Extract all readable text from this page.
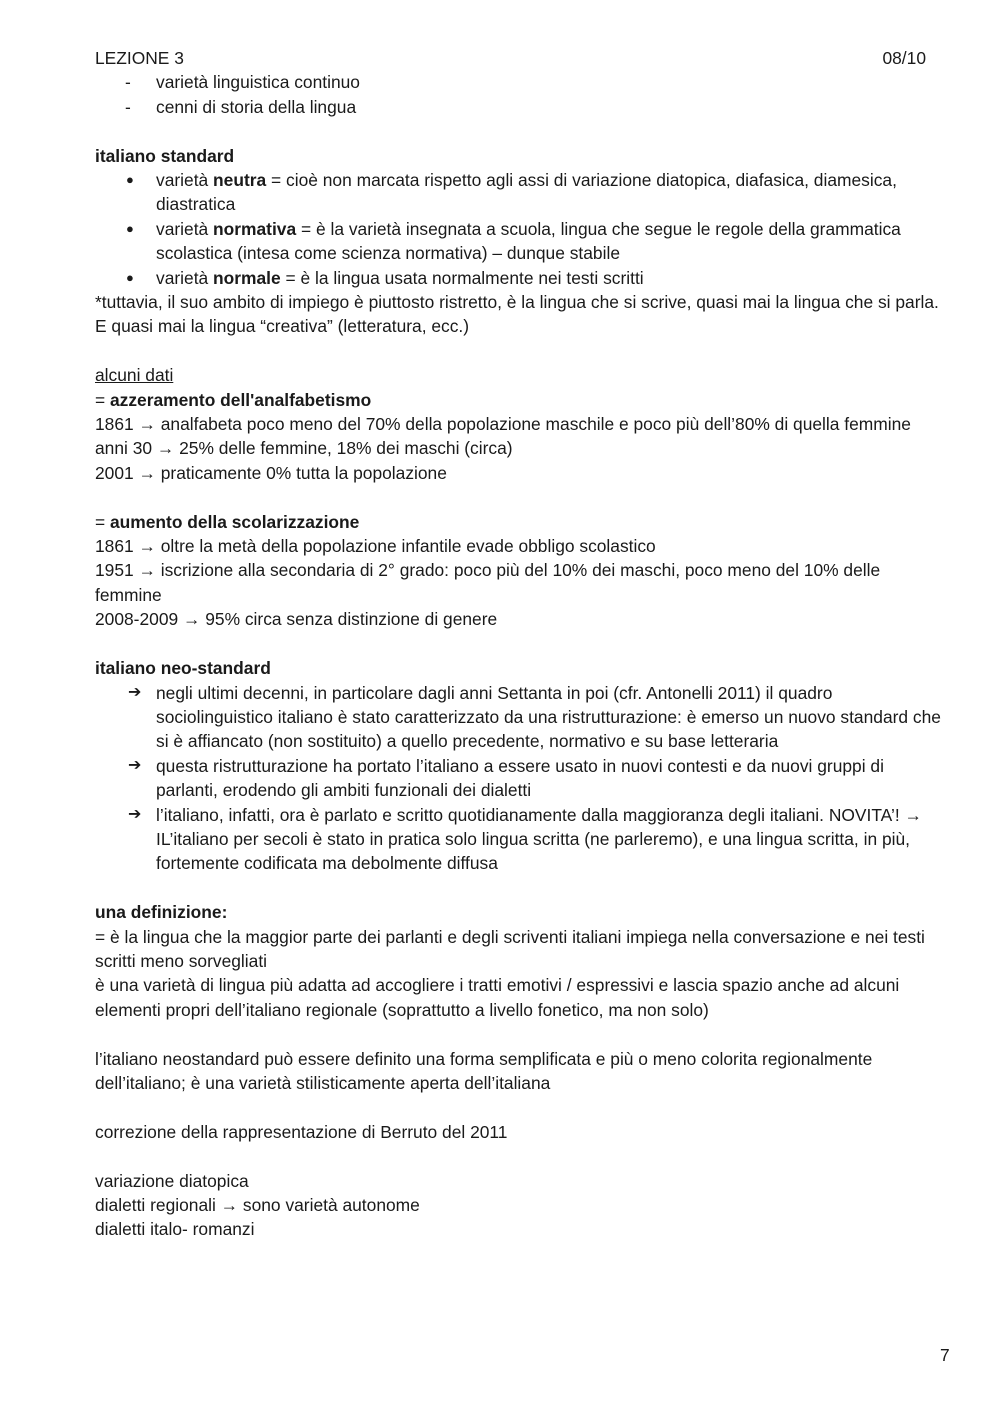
LEZIONE 3	08/10
-	varietà linguistica continuo
-	cenni di storia della lingua
italiano standard
●	varietà neutra = cioè non marcata rispetto agli assi di variazione diatopica, diafasica, diamesica, diastratica
●	varietà normativa = è la varietà insegnata a scuola, lingua che segue le regole della grammatica scolastica (intesa come scienza normativa) – dunque stabile
●	varietà normale = è la lingua usata normalmente nei testi scritti
*tuttavia, il suo ambito di impiego è piuttosto ristretto, è la lingua che si scrive, quasi mai la lingua che si parla. E quasi mai la lingua “creativa” (letteratura, ecc.)
alcuni dati
= azzeramento dell'analfabetismo
1861 → analfabeta poco meno del 70% della popolazione maschile e poco più dell’80% di quella femmine
anni 30 → 25% delle femmine, 18% dei maschi (circa)
2001 → praticamente 0% tutta la popolazione
= aumento della scolarizzazione
1861 → oltre la metà della popolazione infantile evade obbligo scolastico
1951 → iscrizione alla secondaria di 2° grado: poco più del 10% dei maschi, poco meno del 10% delle femmine
2008-2009 → 95% circa senza distinzione di genere
italiano neo-standard
➔ negli ultimi decenni, in particolare dagli anni Settanta in poi (cfr. Antonelli 2011) il quadro sociolinguistico italiano è stato caratterizzato da una ristrutturazione: è emerso un nuovo standard che si è affiancato (non sostituito) a quello precedente, normativo e su base letteraria
➔ questa ristrutturazione ha portato l’italiano a essere usato in nuovi contesti e da nuovi gruppi di parlanti, erodendo gli ambiti funzionali dei dialetti
➔ l’italiano, infatti, ora è parlato e scritto quotidianamente dalla maggioranza degli italiani. NOVITA’! → IL’italiano per secoli è stato in pratica solo lingua scritta (ne parleremo), e una lingua scritta, in più, fortemente codificata ma debolmente diffusa
una definizione:
= è la lingua che la maggior parte dei parlanti e degli scriventi italiani impiega nella conversazione e nei testi scritti meno sorvegliati
è una varietà di lingua più adatta ad accogliere i tratti emotivi / espressivi e lascia spazio anche ad alcuni elementi propri dell’italiano regionale (soprattutto a livello fonetico, ma non solo)
l’italiano neostandard può essere definito una forma semplificata e più o meno colorita regionalmente dell’italiano; è una varietà stilisticamente aperta dell’italiana
correzione della rappresentazione di Berruto del 2011
variazione diatopica
dialetti regionali → sono varietà autonome
dialetti italo- romanzi
7
